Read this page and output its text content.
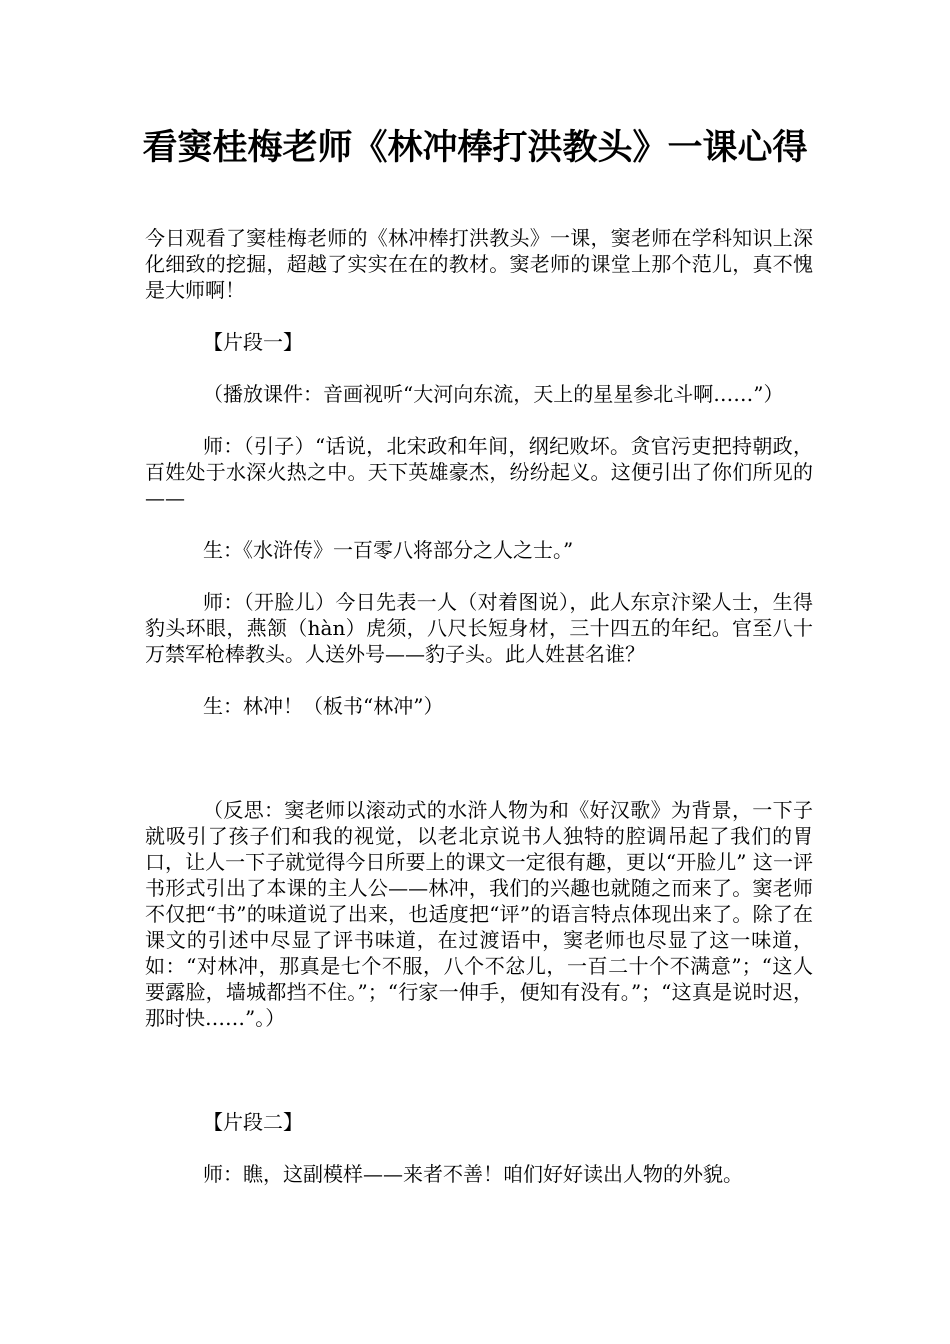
看窦桂梅老师《林冲棒打洪教头》一课心得

今日观看了窦桂梅老师的《林冲棒打洪教头》一课，窦老师在学科知识上深化细致的挖掘，超越了实实在在的教材。窦老师的课堂上那个范儿，真不愧是大师啊！

【片段一】

（播放课件：音画视听“大河向东流，天上的星星参北斗啊……”）

师：（引子）“话说，北宋政和年间，纲纪败坏。贪官污吏把持朝政，百姓处于水深火热之中。天下英雄豪杰，纷纷起义。这便引出了你们所见的——

生：《水浒传》一百零八将部分之人之士。”

师：（开脸儿）今日先表一人（对着图说），此人东京汴梁人士，生得豹头环眼，燕颔（hàn）虎须，八尺长短身材，三十四五的年纪。官至八十万禁军枪棒教头。人送外号——豹子头。此人姓甚名谁？

生：林冲！（板书“林冲”）

（反思：窦老师以滚动式的水浒人物为和《好汉歌》为背景，一下子就吸引了孩子们和我的视觉，以老北京说书人独特的腔调吊起了我们的胃口，让人一下子就觉得今日所要上的课文一定很有趣，更以“开脸儿” 这一评书形式引出了本课的主人公——林冲，我们的兴趣也就随之而来了。窦老师不仅把“书”的味道说了出来，也适度把“评”的语言特点体现出来了。除了在课文的引述中尽显了评书味道，在过渡语中，窦老师也尽显了这一味道，如：“对林冲，那真是七个不服，八个不忿儿，一百二十个不满意”；“这人要露脸，墙城都挡不住。”；“行家一伸手，便知有没有。”；“这真是说时迟，那时快……”。）

【片段二】

师：瞧，这副模样——来者不善！咱们好好读出人物的外貌。
